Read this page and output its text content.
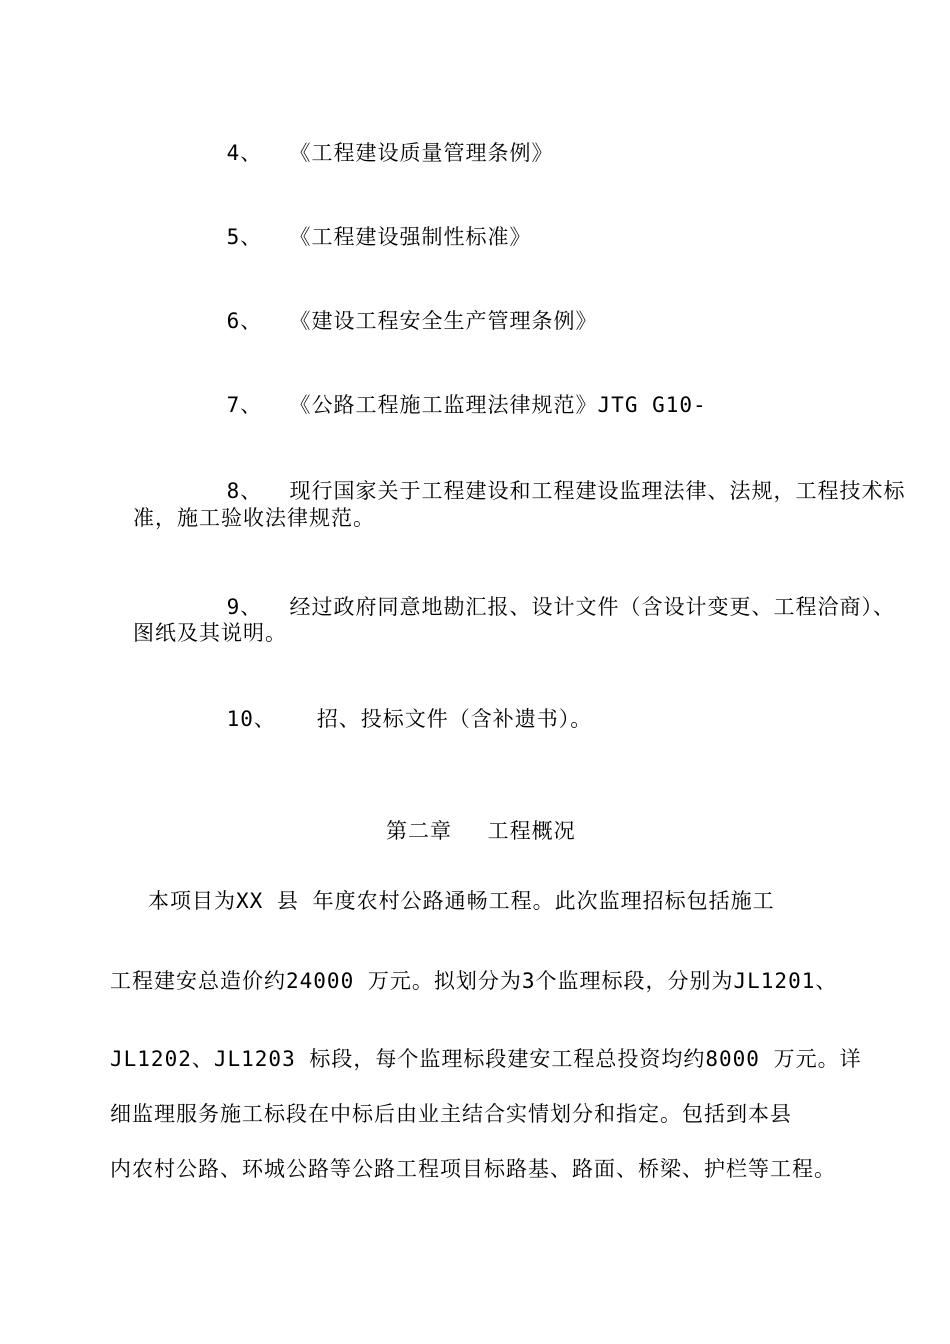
4、 《工程建设质量管理条例》

5、 《工程建设强制性标准》

6、 《建设工程安全生产管理条例》

7、 《公路工程施工监理法律规范》JTG G10-

8、 现行国家关于工程建设和工程建设监理法律、法规，工程技术标

准，施工验收法律规范。

9、 经过政府同意地勘汇报、设计文件（含设计变更、工程洽商）、

图纸及其说明。

10、 招、投标文件（含补遗书）。

第二章　 工程概况
本项目为XX 县 年度农村公路通畅工程。此次监理招标包括施工
工程建安总造价约24000 万元。拟划分为3个监理标段，分别为JL1201、
JL1202、JL1203 标段，每个监理标段建安工程总投资均约8000 万元。详
细监理服务施工标段在中标后由业主结合实情划分和指定。包括到本县
内农村公路、环城公路等公路工程项目标路基、路面、桥梁、护栏等工程。
